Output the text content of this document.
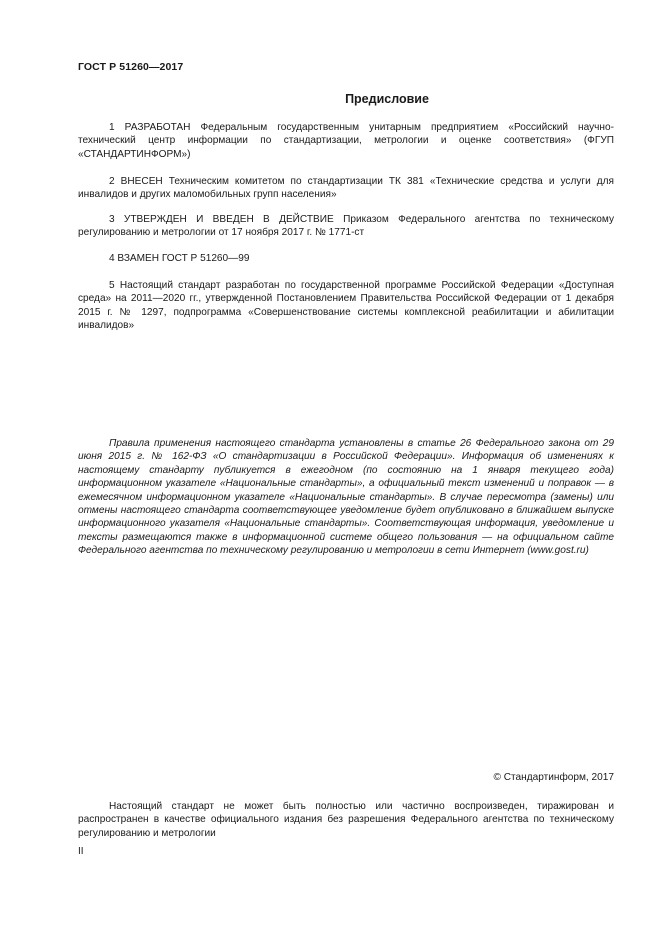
ГОСТ Р 51260—2017
Предисловие
1 РАЗРАБОТАН Федеральным государственным унитарным предприятием «Российский научно-технический центр информации по стандартизации, метрологии и оценке соответствия» (ФГУП «СТАНДАРТИНФОРМ»)
2 ВНЕСЕН Техническим комитетом по стандартизации ТК 381 «Технические средства и услуги для инвалидов и других маломобильных групп населения»
3 УТВЕРЖДЕН И ВВЕДЕН В ДЕЙСТВИЕ Приказом Федерального агентства по техническому регулированию и метрологии от 17 ноября 2017 г. № 1771-ст
4 ВЗАМЕН ГОСТ Р 51260—99
5 Настоящий стандарт разработан по государственной программе Российской Федерации «Доступная среда» на 2011—2020 гг., утвержденной Постановлением Правительства Российской Федерации от 1 декабря 2015 г. № 1297, подпрограмма «Совершенствование системы комплексной реабилитации и абилитации инвалидов»
Правила применения настоящего стандарта установлены в статье 26 Федерального закона от 29 июня 2015 г. № 162-ФЗ «О стандартизации в Российской Федерации». Информация об изменениях к настоящему стандарту публикуется в ежегодном (по состоянию на 1 января текущего года) информационном указателе «Национальные стандарты», а официальный текст изменений и поправок — в ежемесячном информационном указателе «Национальные стандарты». В случае пересмотра (замены) или отмены настоящего стандарта соответствующее уведомление будет опубликовано в ближайшем выпуске информационного указателя «Национальные стандарты». Соответствующая информация, уведомление и тексты размещаются также в информационной системе общего пользования — на официальном сайте Федерального агентства по техническому регулированию и метрологии в сети Интернет (www.gost.ru)
© Стандартинформ, 2017
Настоящий стандарт не может быть полностью или частично воспроизведен, тиражирован и распространен в качестве официального издания без разрешения Федерального агентства по техническому регулированию и метрологии
II
